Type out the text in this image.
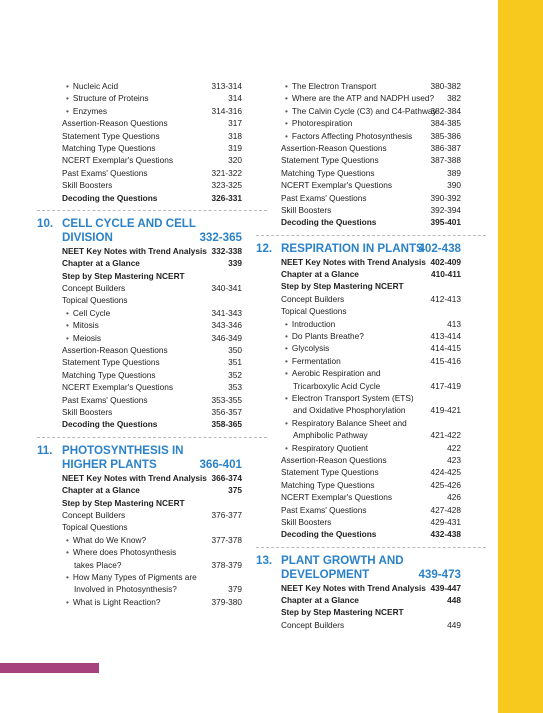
• Nucleic Acid	313-314
• Structure of Proteins	314
• Enzymes	314-316
Assertion-Reason Questions	317
Statement Type Questions	318
Matching Type Questions	319
NCERT Exemplar's Questions	320
Past Exams' Questions	321-322
Skill Boosters	323-325
Decoding the Questions	326-331
10. CELL CYCLE AND CELL
DIVISION	332-365
NEET Key Notes with Trend Analysis 332-338
Chapter at a Glance	339
Step by Step Mastering NCERT
Concept Builders	340-341
Topical Questions
• Cell Cycle	341-343
• Mitosis	343-346
• Meiosis	346-349
Assertion-Reason Questions	350
Statement Type Questions	351
Matching Type Questions	352
NCERT Exemplar's Questions	353
Past Exams' Questions	353-355
Skill Boosters	356-357
Decoding the Questions	358-365
11. PHOTOSYNTHESIS IN
HIGHER PLANTS	366-401
NEET Key Notes with Trend Analysis 366-374
Chapter at a Glance	375
Step by Step Mastering NCERT
Concept Builders	376-377
Topical Questions
• What do We Know?	377-378
• Where does Photosynthesis
takes Place?	378-379
• How Many Types of Pigments are
Involved in Photosynthesis?	379
• What is Light Reaction?	379-380
• The Electron Transport	380-382
• Where are the ATP and NADPH used? 382
• The Calvin Cycle (C3) and C4-Pathway
382-384
• Photorespiration	384-385
• Factors Affecting Photosynthesis 385-386
Assertion-Reason Questions	386-387
Statement Type Questions	387-388
Matching Type Questions	389
NCERT Exemplar's Questions	390
Past Exams' Questions	390-392
Skill Boosters	392-394
Decoding the Questions	395-401
12. RESPIRATION IN PLANTS
402-438
NEET Key Notes with Trend Analysis 402-409
Chapter at a Glance	410-411
Step by Step Mastering NCERT
Concept Builders	412-413
Topical Questions
• Introduction	413
• Do Plants Breathe?	413-414
• Glycolysis	414-415
• Fermentation	415-416
• Aerobic Respiration and
Tricarboxylic Acid Cycle	417-419
• Electron Transport System (ETS)
and Oxidative Phosphorylation	419-421
• Respiratory Balance Sheet and
Amphibolic Pathway	421-422
• Respiratory Quotient	422
Assertion-Reason Questions	423
Statement Type Questions	424-425
Matching Type Questions	425-426
NCERT Exemplar's Questions	426
Past Exams' Questions	427-428
Skill Boosters	429-431
Decoding the Questions	432-438
13. PLANT GROWTH AND
DEVELOPMENT	439-473
NEET Key Notes with Trend Analysis 439-447
Chapter at a Glance	448
Step by Step Mastering NCERT
Concept Builders	449
